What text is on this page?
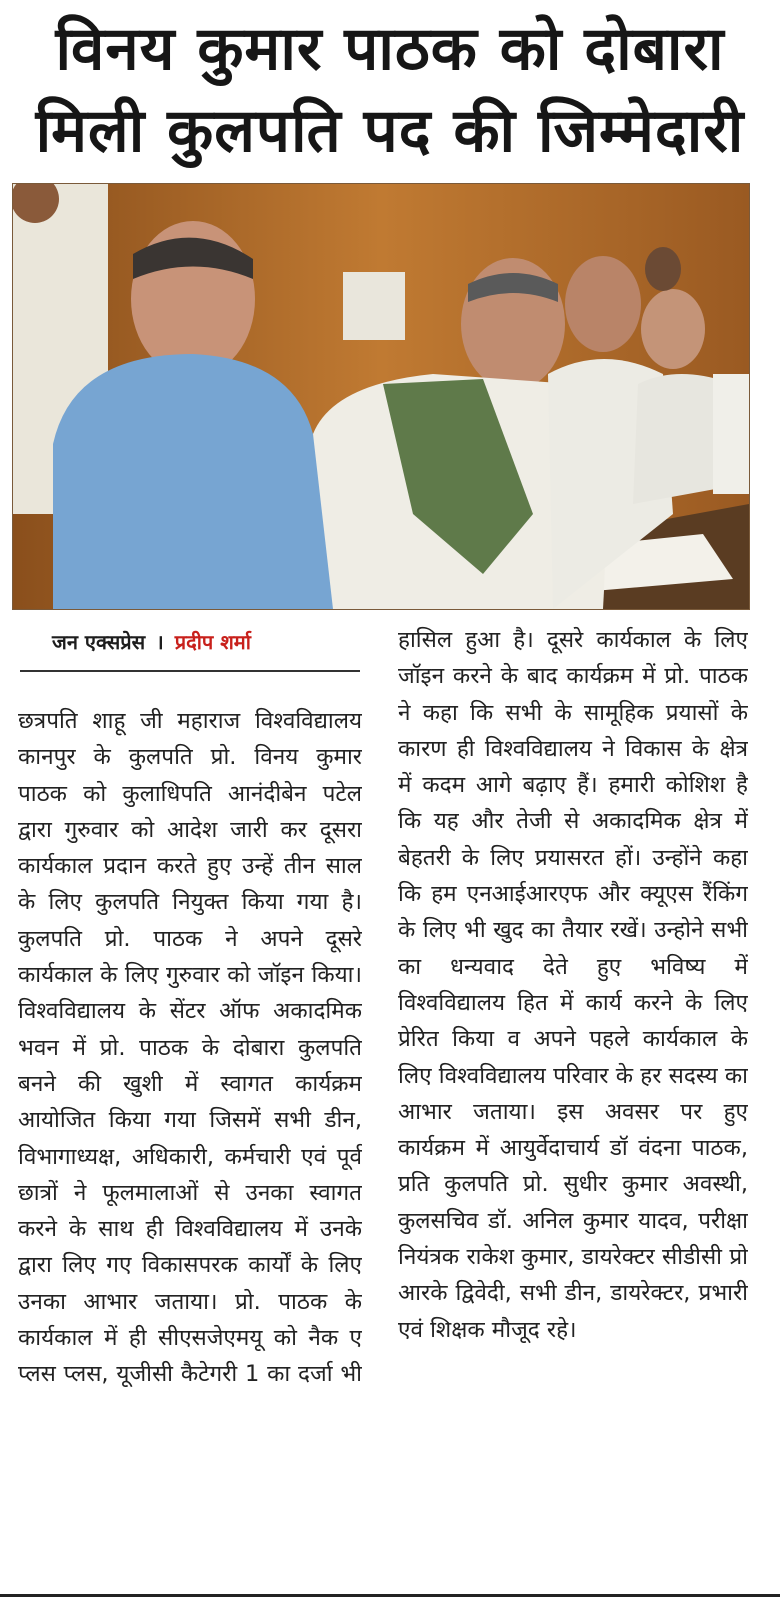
विनय कुमार पाठक को दोबारा
मिली कुलपति पद की जिम्मेदारी
जन एक्सप्रेस । प्रदीप शर्मा
छत्रपति शाहू जी महाराज विश्वविद्यालय कानपुर के कुलपति प्रो. विनय कुमार पाठक को कुलाधिपति आनंदीबेन पटेल द्वारा गुरुवार को आदेश जारी कर दूसरा कार्यकाल प्रदान करते हुए उन्हें तीन साल के लिए कुलपति नियुक्त किया गया है। कुलपति प्रो. पाठक ने अपने दूसरे कार्यकाल के लिए गुरुवार को जॉइन किया। विश्वविद्यालय के सेंटर ऑफ अकादमिक भवन में प्रो. पाठक के दोबारा कुलपति बनने की खुशी में स्वागत कार्यक्रम आयोजित किया गया जिसमें सभी डीन, विभागाध्यक्ष, अधिकारी, कर्मचारी एवं पूर्व छात्रों ने फूलमालाओं से उनका स्वागत करने के साथ ही विश्वविद्यालय में उनके द्वारा लिए गए विकासपरक कार्यों के लिए उनका आभार जताया। प्रो. पाठक के कार्यकाल में ही सीएसजेएमयू को नैक ए प्लस प्लस, यूजीसी कैटेगरी 1 का दर्जा भी
हासिल हुआ है। दूसरे कार्यकाल के लिए जॉइन करने के बाद कार्यक्रम में प्रो. पाठक ने कहा कि सभी के सामूहिक प्रयासों के कारण ही विश्वविद्यालय ने विकास के क्षेत्र में कदम आगे बढ़ाए हैं। हमारी कोशिश है कि यह और तेजी से अकादमिक क्षेत्र में बेहतरी के लिए प्रयासरत हों। उन्होंने कहा कि हम एनआईआरएफ और क्यूएस रैंकिंग के लिए भी खुद का तैयार रखें। उन्होने सभी का धन्यवाद देते हुए भविष्य में विश्वविद्यालय हित में कार्य करने के लिए प्रेरित किया व अपने पहले कार्यकाल के लिए विश्वविद्यालय परिवार के हर सदस्य का आभार जताया। इस अवसर पर हुए कार्यक्रम में आयुर्वेदाचार्य डॉ वंदना पाठक, प्रति कुलपति प्रो. सुधीर कुमार अवस्थी, कुलसचिव डॉ. अनिल कुमार यादव, परीक्षा नियंत्रक राकेश कुमार, डायरेक्टर सीडीसी प्रो आरके द्विवेदी, सभी डीन, डायरेक्टर, प्रभारी एवं शिक्षक मौजूद रहे।
